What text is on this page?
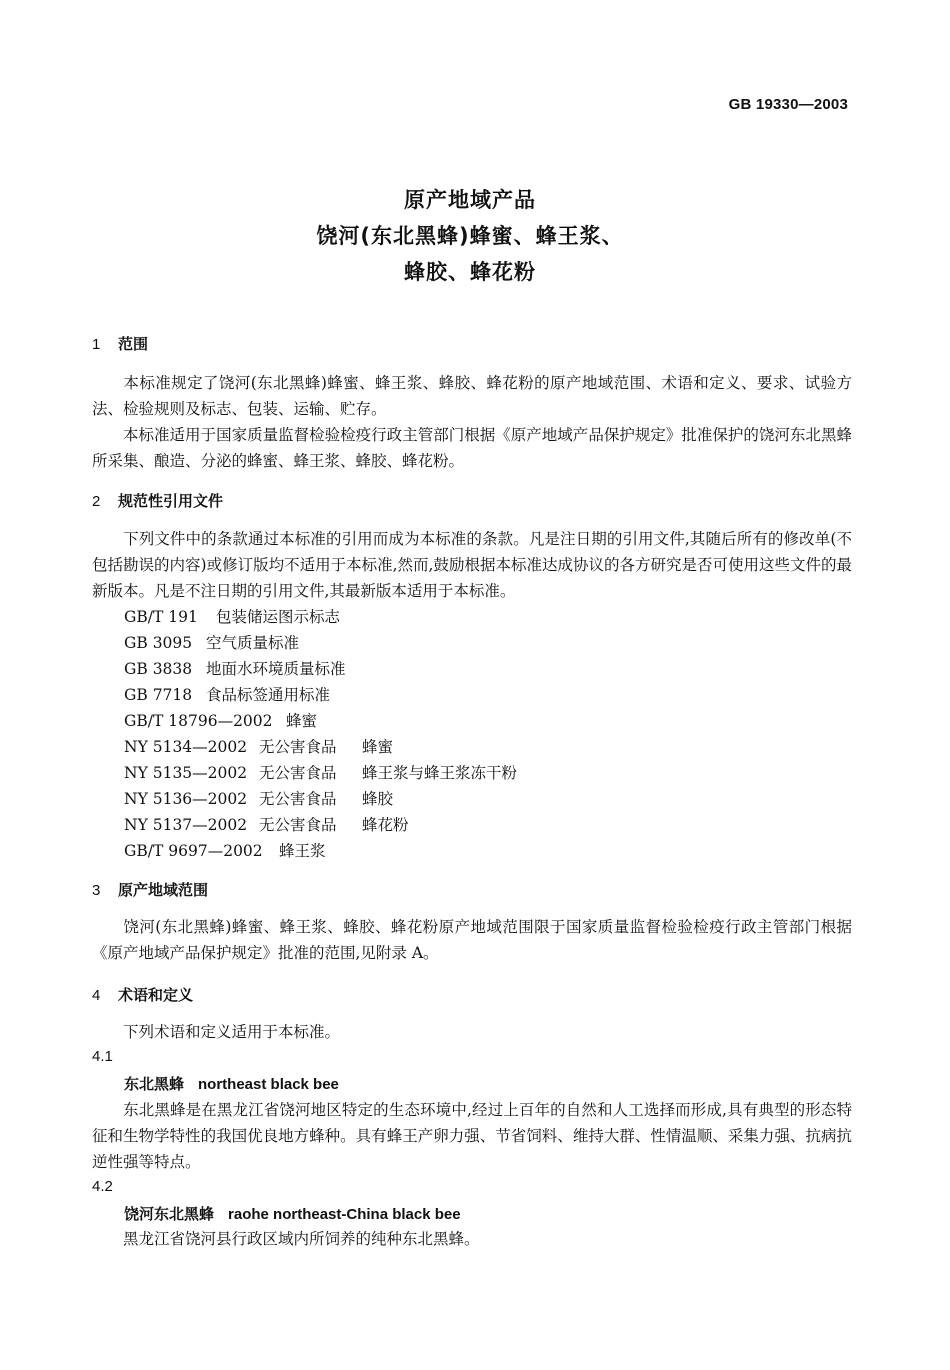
GB 19330—2003
原产地域产品
饶河(东北黑蜂)蜂蜜、蜂王浆、
蜂胶、蜂花粉
1 范围
本标准规定了饶河(东北黑蜂)蜂蜜、蜂王浆、蜂胶、蜂花粉的原产地域范围、术语和定义、要求、试验方法、检验规则及标志、包装、运输、贮存。
本标准适用于国家质量监督检验检疫行政主管部门根据《原产地域产品保护规定》批准保护的饶河东北黑蜂所采集、酿造、分泌的蜂蜜、蜂王浆、蜂胶、蜂花粉。
2 规范性引用文件
下列文件中的条款通过本标准的引用而成为本标准的条款。凡是注日期的引用文件,其随后所有的修改单(不包括勘误的内容)或修订版均不适用于本标准,然而,鼓励根据本标准达成协议的各方研究是否可使用这些文件的最新版本。凡是不注日期的引用文件,其最新版本适用于本标准。
GB/T 191 包装储运图示标志
GB 3095 空气质量标准
GB 3838 地面水环境质量标准
GB 7718 食品标签通用标准
GB/T 18796—2002 蜂蜜
NY 5134—2002 无公害食品 蜂蜜
NY 5135—2002 无公害食品 蜂王浆与蜂王浆冻干粉
NY 5136—2002 无公害食品 蜂胶
NY 5137—2002 无公害食品 蜂花粉
GB/T 9697—2002 蜂王浆
3 原产地域范围
饶河(东北黑蜂)蜂蜜、蜂王浆、蜂胶、蜂花粉原产地域范围限于国家质量监督检验检疫行政主管部门根据《原产地域产品保护规定》批准的范围,见附录 A。
4 术语和定义
下列术语和定义适用于本标准。
4.1
东北黑蜂 northeast black bee
东北黑蜂是在黑龙江省饶河地区特定的生态环境中,经过上百年的自然和人工选择而形成,具有典型的形态特征和生物学特性的我国优良地方蜂种。具有蜂王产卵力强、节省饲料、维持大群、性情温顺、采集力强、抗病抗逆性强等特点。
4.2
饶河东北黑蜂 raohe northeast-China black bee
黑龙江省饶河县行政区域内所饲养的纯种东北黑蜂。
